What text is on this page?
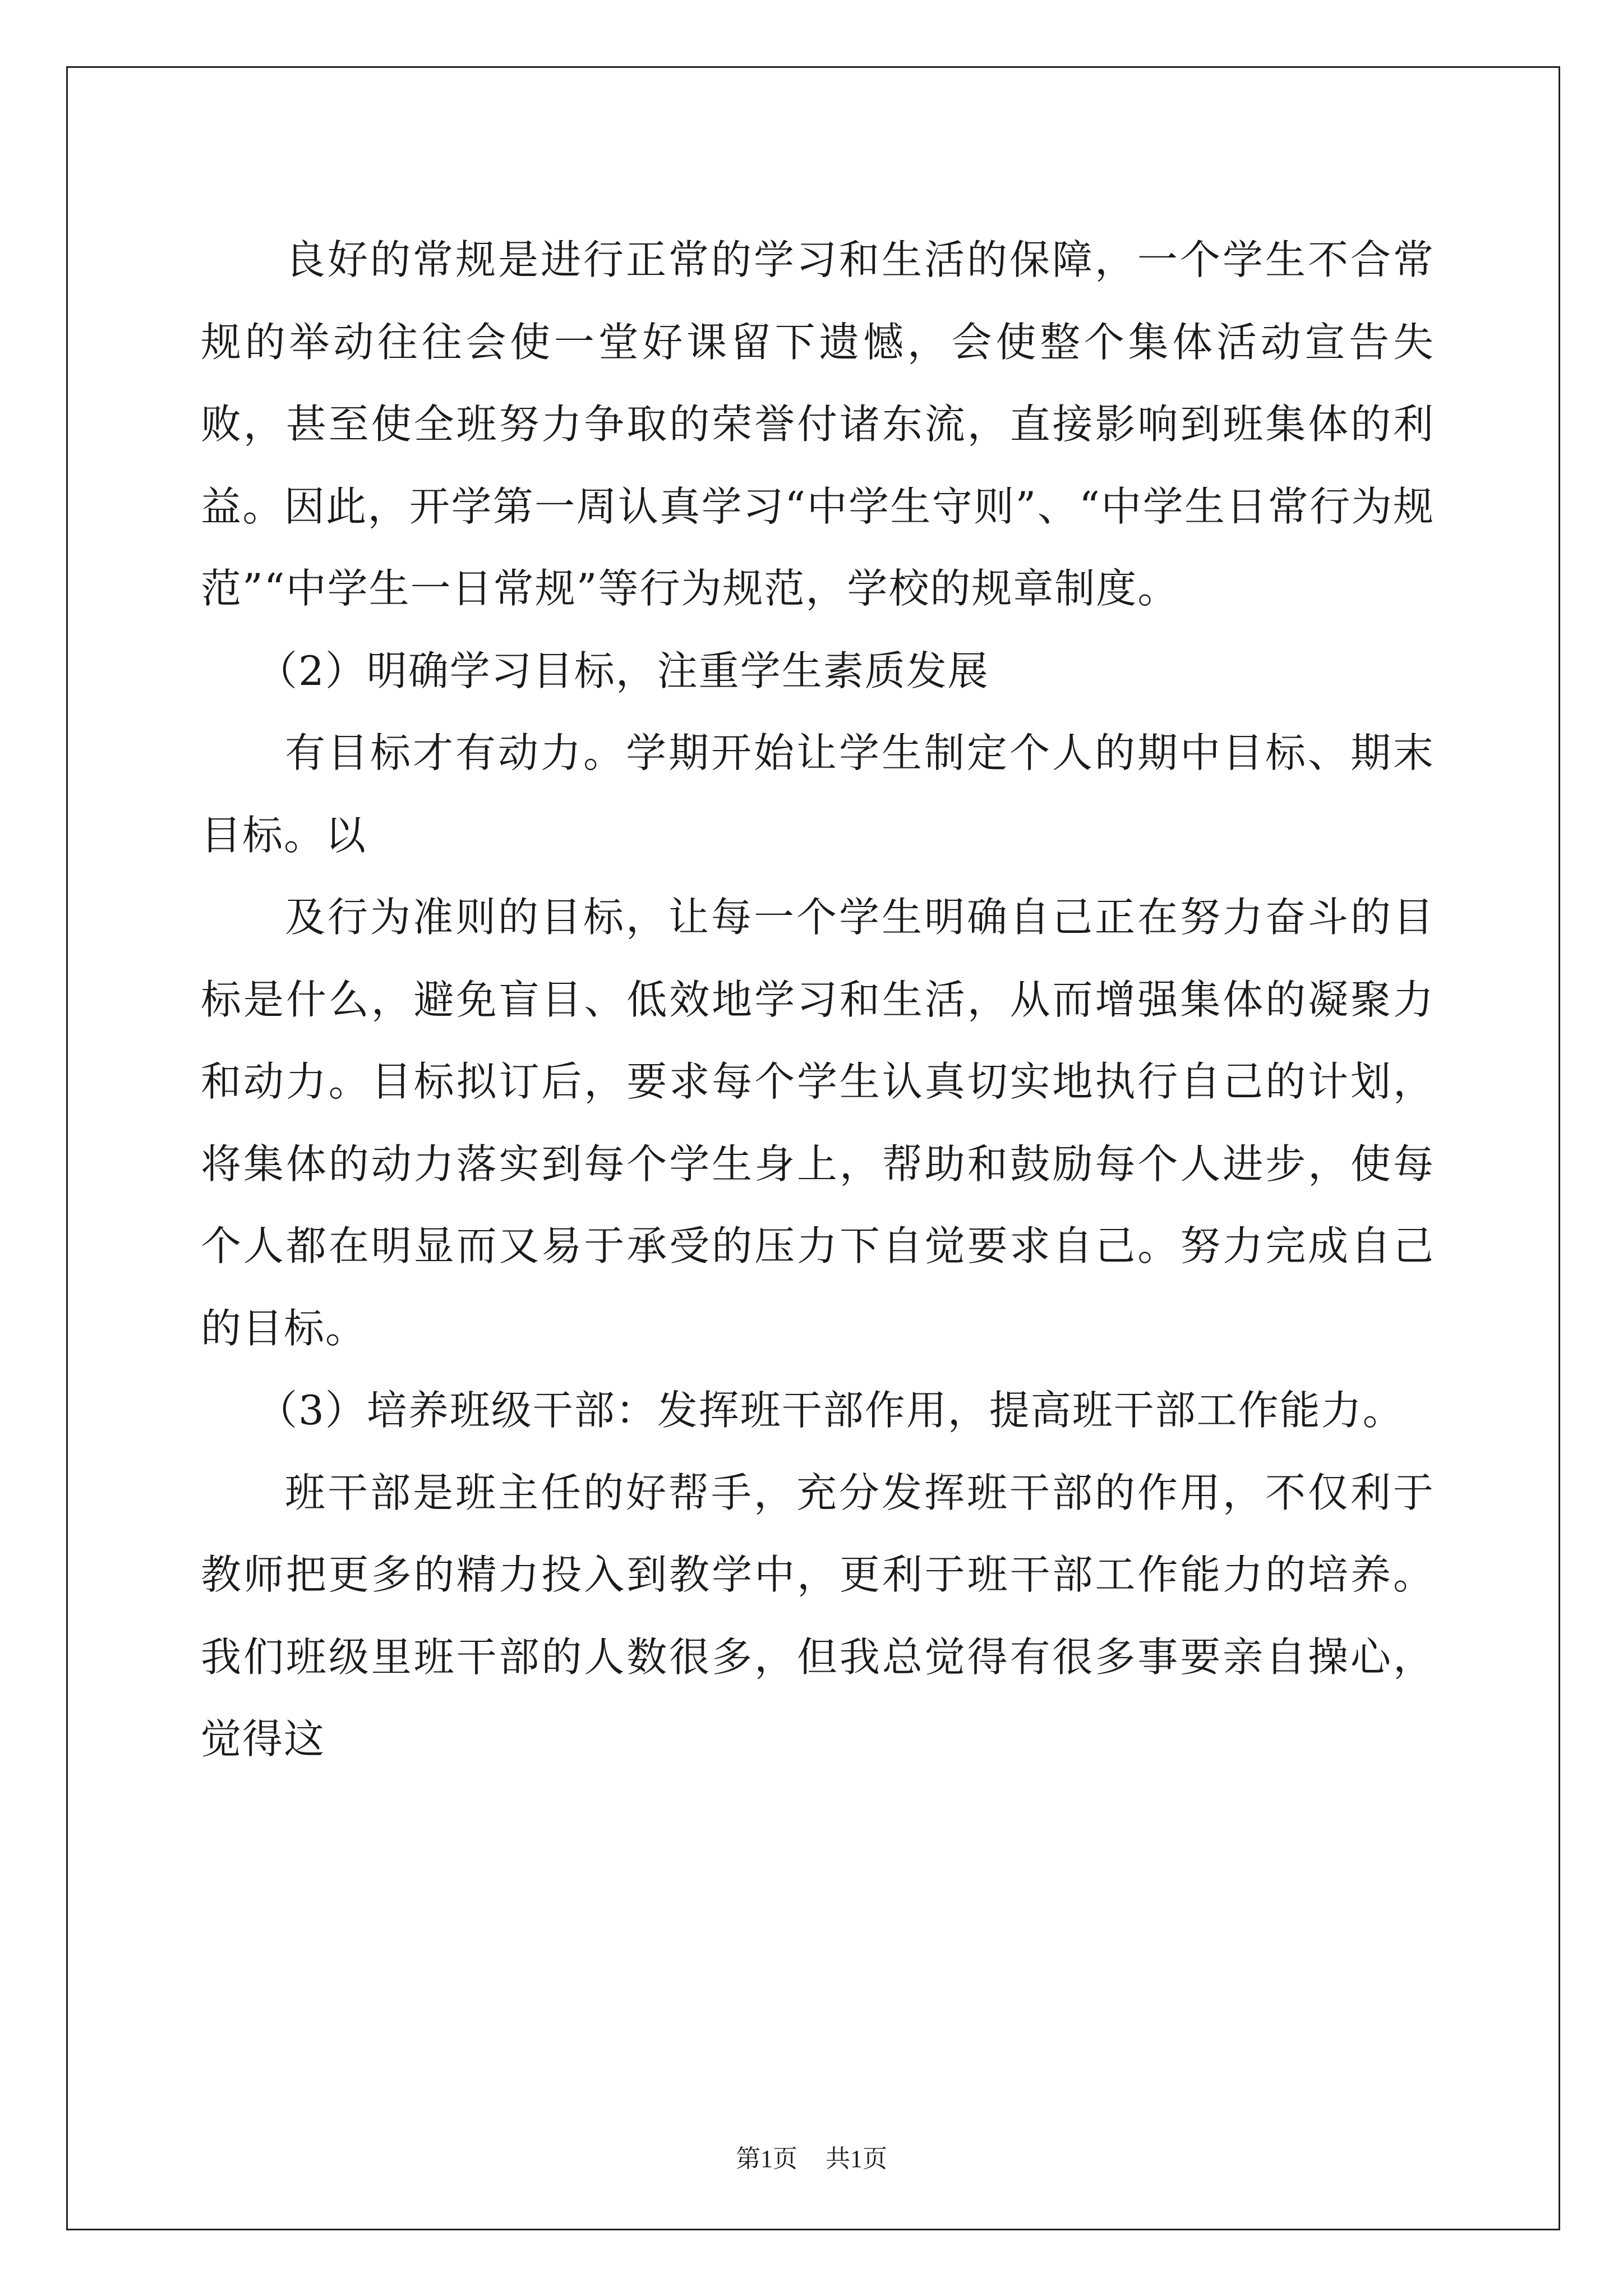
良好的常规是进行正常的学习和生活的保障，一个学生不合常规的举动往往会使一堂好课留下遗憾，会使整个集体活动宣告失败，甚至使全班努力争取的荣誉付诸东流，直接影响到班集体的利益。因此，开学第一周认真学习“中学生守则”、“中学生日常行为规范”“中学生一日常规”等行为规范，学校的规章制度。

（2）明确学习目标，注重学生素质发展

有目标才有动力。学期开始让学生制定个人的期中目标、期末目标。以

及行为准则的目标，让每一个学生明确自己正在努力奋斗的目标是什么，避免盲目、低效地学习和生活，从而增强集体的凝聚力和动力。目标拟订后，要求每个学生认真切实地执行自己的计划，将集体的动力落实到每个学生身上，帮助和鼓励每个人进步，使每个人都在明显而又易于承受的压力下自觉要求自己。努力完成自己的目标。

（3）培养班级干部：发挥班干部作用，提高班干部工作能力。

班干部是班主任的好帮手，充分发挥班干部的作用，不仅利于教师把更多的精力投入到教学中，更利于班干部工作能力的培养。我们班级里班干部的人数很多，但我总觉得有很多事要亲自操心，觉得这

第1页 共1页
